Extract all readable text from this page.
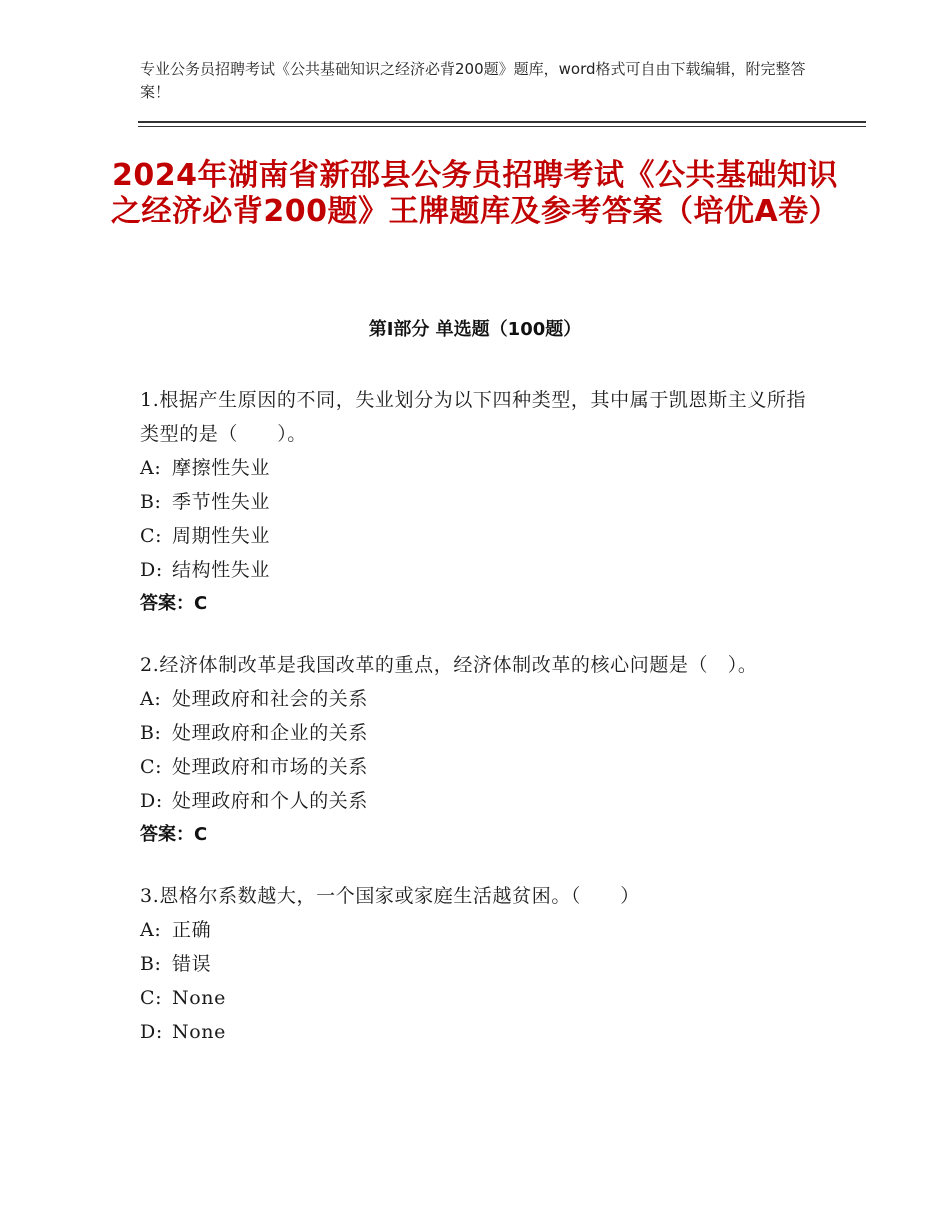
专业公务员招聘考试《公共基础知识之经济必背200题》题库，word格式可自由下载编辑，附完整答案！
2024年湖南省新邵县公务员招聘考试《公共基础知识之经济必背200题》王牌题库及参考答案（培优A卷）
第Ⅰ部分 单选题（100题）
1.根据产生原因的不同，失业划分为以下四种类型，其中属于凯恩斯主义所指类型的是（　　）。
A: 摩擦性失业
B: 季节性失业
C: 周期性失业
D: 结构性失业
答案：C
2.经济体制改革是我国改革的重点，经济体制改革的核心问题是（　）。
A: 处理政府和社会的关系
B: 处理政府和企业的关系
C: 处理政府和市场的关系
D: 处理政府和个人的关系
答案：C
3.恩格尔系数越大，一个国家或家庭生活越贫困。（　　）
A: 正确
B: 错误
C: None
D: None
